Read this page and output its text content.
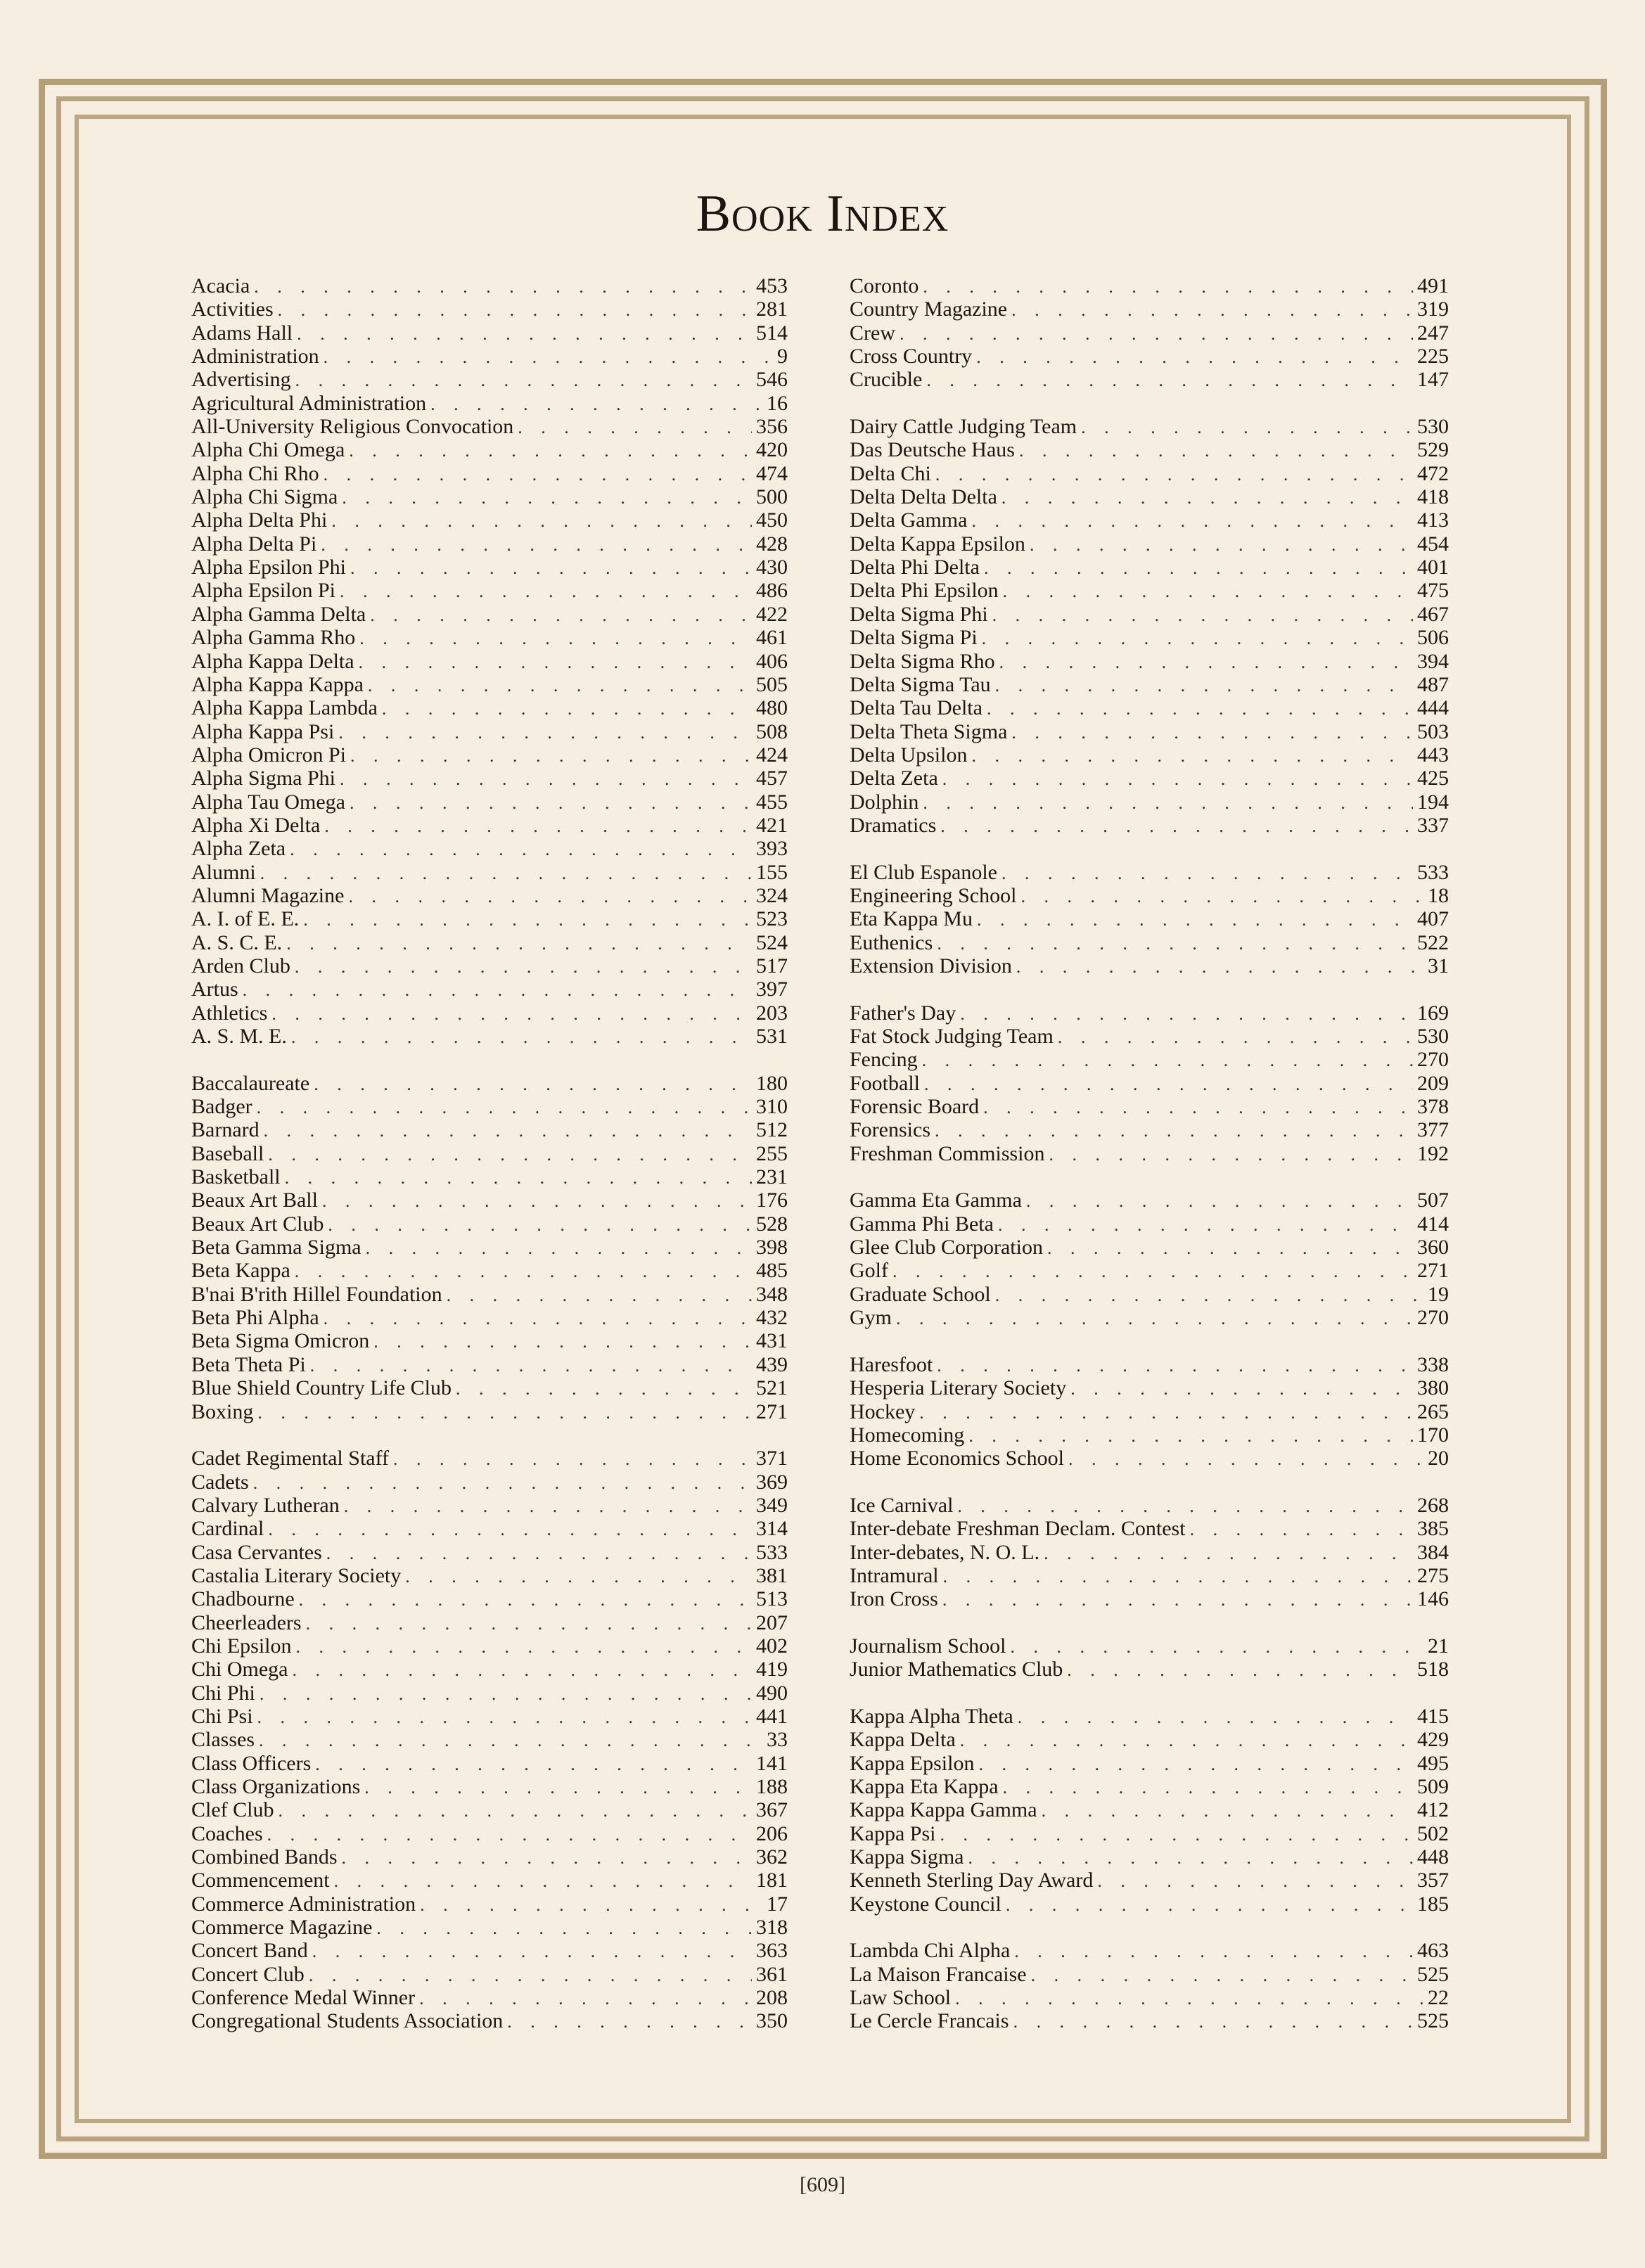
Book Index
Acacia . . .	453
Activities . . .	281
Adams Hall . . .	514
Administration . . .	9
Advertising . . .	546
Agricultural Administration . . .	16
All-University Religious Convocation . . .	356
Alpha Chi Omega . . .	420
Alpha Chi Rho . . .	474
Alpha Chi Sigma . . .	500
Alpha Delta Phi . . .	450
Alpha Delta Pi . . .	428
Alpha Epsilon Phi . . .	430
Alpha Epsilon Pi . . .	486
Alpha Gamma Delta . . .	422
Alpha Gamma Rho . . .	461
Alpha Kappa Delta . . .	406
Alpha Kappa Kappa . . .	505
Alpha Kappa Lambda . . .	480
Alpha Kappa Psi . . .	508
Alpha Omicron Pi . . .	424
Alpha Sigma Phi . . .	457
Alpha Tau Omega . . .	455
Alpha Xi Delta . . .	421
Alpha Zeta . . .	393
Alumni . . .	155
Alumni Magazine . . .	324
A. I. of E. E. . . .	523
A. S. C. E. . . .	524
Arden Club . . .	517
Artus . . .	397
Athletics . . .	203
A. S. M. E. . . .	531
Baccalaureate . . .	180
Badger . . .	310
Barnard . . .	512
Baseball . . .	255
Basketball . . .	231
Beaux Art Ball . . .	176
Beaux Art Club . . .	528
Beta Gamma Sigma . . .	398
Beta Kappa . . .	485
B'nai B'rith Hillel Foundation . . .	348
Beta Phi Alpha . . .	432
Beta Sigma Omicron . . .	431
Beta Theta Pi . . .	439
Blue Shield Country Life Club . . .	521
Boxing . . .	271
Cadet Regimental Staff . . .	371
Cadets . . .	369
Calvary Lutheran . . .	349
Cardinal . . .	314
Casa Cervantes . . .	533
Castalia Literary Society . . .	381
Chadbourne . . .	513
Cheerleaders . . .	207
Chi Epsilon . . .	402
Chi Omega . . .	419
Chi Phi . . .	490
Chi Psi . . .	441
Classes . . .	33
Class Officers . . .	141
Class Organizations . . .	188
Clef Club . . .	367
Coaches . . .	206
Combined Bands . . .	362
Commencement . . .	181
Commerce Administration . . .	17
Commerce Magazine . . .	318
Concert Band . . .	363
Concert Club . . .	361
Conference Medal Winner . . .	208
Congregational Students Association . . .	350
Coronto . . .	491
Country Magazine . . .	319
Crew . . .	247
Cross Country . . .	225
Crucible . . .	147
Dairy Cattle Judging Team . . .	530
Das Deutsche Haus . . .	529
Delta Chi . . .	472
Delta Delta Delta . . .	418
Delta Gamma . . .	413
Delta Kappa Epsilon . . .	454
Delta Phi Delta . . .	401
Delta Phi Epsilon . . .	475
Delta Sigma Phi . . .	467
Delta Sigma Pi . . .	506
Delta Sigma Rho . . .	394
Delta Sigma Tau . . .	487
Delta Tau Delta . . .	444
Delta Theta Sigma . . .	503
Delta Upsilon . . .	443
Delta Zeta . . .	425
Dolphin . . .	194
Dramatics . . .	337
El Club Espanole . . .	533
Engineering School . . .	18
Eta Kappa Mu . . .	407
Euthenics . . .	522
Extension Division . . .	31
Father's Day . . .	169
Fat Stock Judging Team . . .	530
Fencing . . .	270
Football . . .	209
Forensic Board . . .	378
Forensics . . .	377
Freshman Commission . . .	192
Gamma Eta Gamma . . .	507
Gamma Phi Beta . . .	414
Glee Club Corporation . . .	360
Golf . . .	271
Graduate School . . .	19
Gym . . .	270
Haresfoot . . .	338
Hesperia Literary Society . . .	380
Hockey . . .	265
Homecoming . . .	170
Home Economics School . . .	20
Ice Carnival . . .	268
Inter-debate Freshman Declam. Contest . . .	385
Inter-debates, N. O. L. . . .	384
Intramural . . .	275
Iron Cross . . .	146
Journalism School . . .	21
Junior Mathematics Club . . .	518
Kappa Alpha Theta . . .	415
Kappa Delta . . .	429
Kappa Epsilon . . .	495
Kappa Eta Kappa . . .	509
Kappa Kappa Gamma . . .	412
Kappa Psi . . .	502
Kappa Sigma . . .	448
Kenneth Sterling Day Award . . .	357
Keystone Council . . .	185
Lambda Chi Alpha . . .	463
La Maison Francaise . . .	525
Law School . . .	22
Le Cercle Francais . . .	525
[609]
